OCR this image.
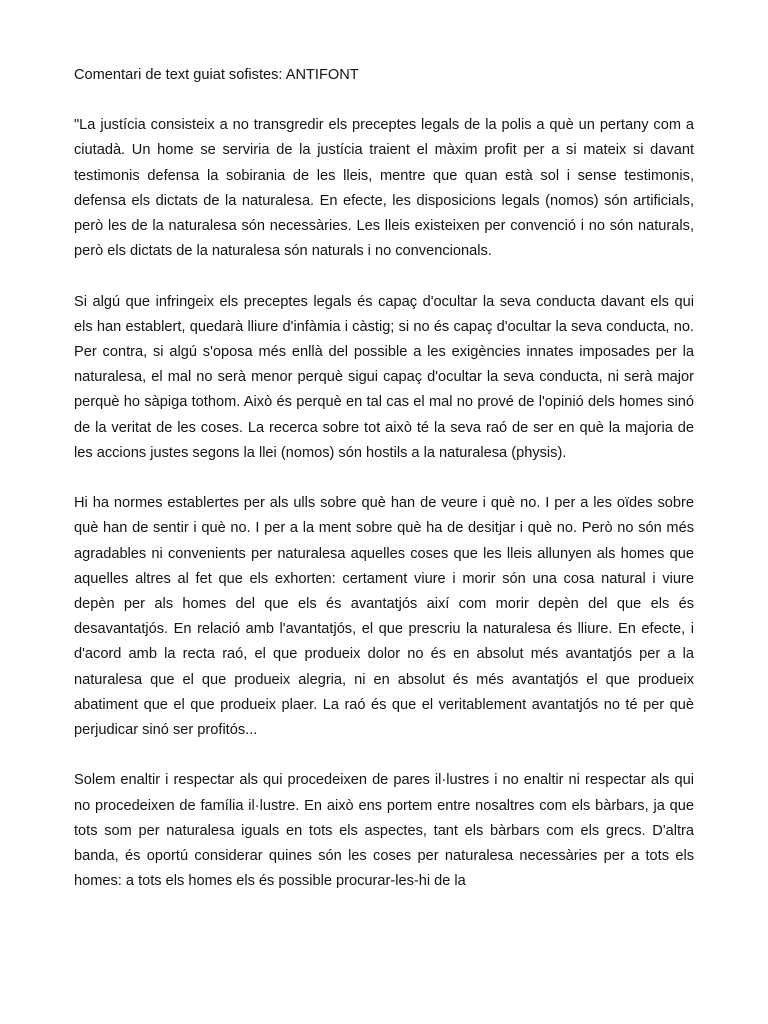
Comentari de text guiat sofistes: ANTIFONT

"La justícia consisteix a no transgredir els preceptes legals de la polis a què un pertany com a ciutadà. Un home se serviria de la justícia traient el màxim profit per a si mateix si davant testimonis defensa la sobirania de les lleis, mentre que quan està sol i sense testimonis, defensa els dictats de la naturalesa. En efecte, les disposicions legals (nomos) són artificials, però les de la naturalesa són necessàries. Les lleis existeixen per convenció i no són naturals, però els dictats de la naturalesa són naturals i no convencionals.

Si algú que infringeix els preceptes legals és capaç d'ocultar la seva conducta davant els qui els han establert, quedarà lliure d'infàmia i càstig; si no és capaç d'ocultar la seva conducta, no. Per contra, si algú s'oposa més enllà del possible a les exigències innates imposades per la naturalesa, el mal no serà menor perquè sigui capaç d'ocultar la seva conducta, ni serà major perquè ho sàpiga tothom. Això és perquè en tal cas el mal no prové de l'opinió dels homes sinó de la veritat de les coses. La recerca sobre tot això té la seva raó de ser en què la majoria de les accions justes segons la llei (nomos) són hostils a la naturalesa (physis).

Hi ha normes establertes per als ulls sobre què han de veure i què no. I per a les oïdes sobre què han de sentir i què no. I per a la ment sobre què ha de desitjar i què no. Però no són més agradables ni convenients per naturalesa aquelles coses que les lleis allunyen als homes que aquelles altres al fet que els exhorten: certament viure i morir són una cosa natural i viure depèn per als homes del que els és avantatjós així com morir depèn del que els és desavantatjós. En relació amb l'avantatjós, el que prescriu la naturalesa és lliure. En efecte, i d'acord amb la recta raó, el que produeix dolor no és en absolut més avantatjós per a la naturalesa que el que produeix alegria, ni en absolut és més avantatjós el que produeix abatiment que el que produeix plaer. La raó és que el veritablement avantatjós no té per què perjudicar sinó ser profitós...

Solem enaltir i respectar als qui procedeixen de pares il·lustres i no enaltir ni respectar als qui no procedeixen de família il·lustre. En això ens portem entre nosaltres com els bàrbars, ja que tots som per naturalesa iguals en tots els aspectes, tant els bàrbars com els grecs. D'altra banda, és oportú considerar quines són les coses per naturalesa necessàries per a tots els homes: a tots els homes els és possible procurar-les-hi de la
